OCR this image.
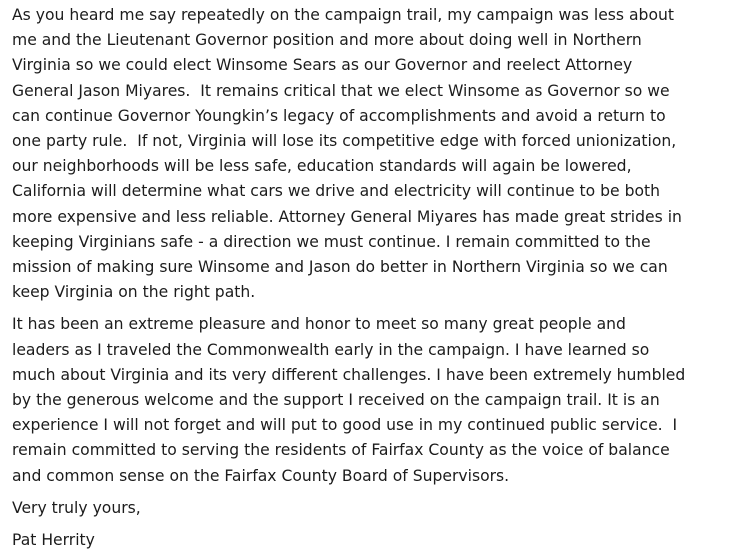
As you heard me say repeatedly on the campaign trail, my campaign was less about
me and the Lieutenant Governor position and more about doing well in Northern
Virginia so we could elect Winsome Sears as our Governor and reelect Attorney
General Jason Miyares.  It remains critical that we elect Winsome as Governor so we
can continue Governor Youngkin’s legacy of accomplishments and avoid a return to
one party rule.  If not, Virginia will lose its competitive edge with forced unionization,
our neighborhoods will be less safe, education standards will again be lowered,
California will determine what cars we drive and electricity will continue to be both
more expensive and less reliable. Attorney General Miyares has made great strides in
keeping Virginians safe - a direction we must continue. I remain committed to the
mission of making sure Winsome and Jason do better in Northern Virginia so we can
keep Virginia on the right path.
It has been an extreme pleasure and honor to meet so many great people and
leaders as I traveled the Commonwealth early in the campaign. I have learned so
much about Virginia and its very different challenges. I have been extremely humbled
by the generous welcome and the support I received on the campaign trail. It is an
experience I will not forget and will put to good use in my continued public service.  I
remain committed to serving the residents of Fairfax County as the voice of balance
and common sense on the Fairfax County Board of Supervisors.
Very truly yours,
Pat Herrity
